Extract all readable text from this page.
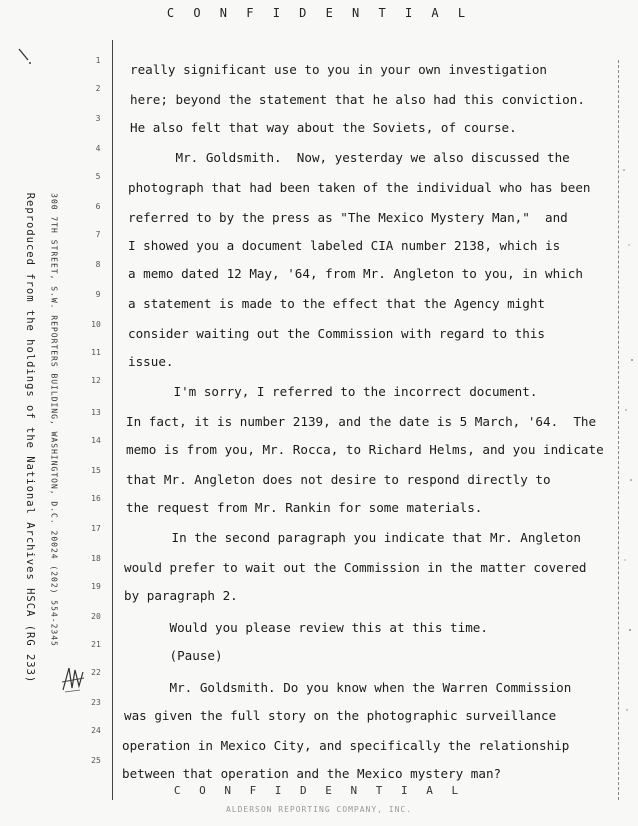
C O N F I D E N T I A L
Reproduced from the holdings of the National Archives HSCA (RG 233) 300 7TH STREET, S.W. REPORTERS BUILDING, WASHINGTON, D.C. 20024 (202) 554-2345
1
2
3
4
5
6
7
8
9
10
11
12
13
14
15
16
17
18
19
20
21
22
23
24
25
really significant use to you in your own investigation
here; beyond the statement that he also had this conviction.
He also felt that way about the Soviets, of course.
Mr. Goldsmith.  Now, yesterday we also discussed the
photograph that had been taken of the individual who has been
referred to by the press as "The Mexico Mystery Man,"  and
I showed you a document labeled CIA number 2138, which is
a memo dated 12 May, '64, from Mr. Angleton to you, in which
a statement is made to the effect that the Agency might
consider waiting out the Commission with regard to this
issue.
I'm sorry, I referred to the incorrect document.
In fact, it is number 2139, and the date is 5 March, '64.  The
memo is from you, Mr. Rocca, to Richard Helms, and you indicate
that Mr. Angleton does not desire to respond directly to
the request from Mr. Rankin for some materials.
In the second paragraph you indicate that Mr. Angleton
would prefer to wait out the Commission in the matter covered
by paragraph 2.
Would you please review this at this time.
(Pause)
Mr. Goldsmith. Do you know when the Warren Commission
was given the full story on the photographic surveillance
operation in Mexico City, and specifically the relationship
between that operation and the Mexico mystery man?
C O N F I D E N T I A L
ALDERSON REPORTING COMPANY, INC.
